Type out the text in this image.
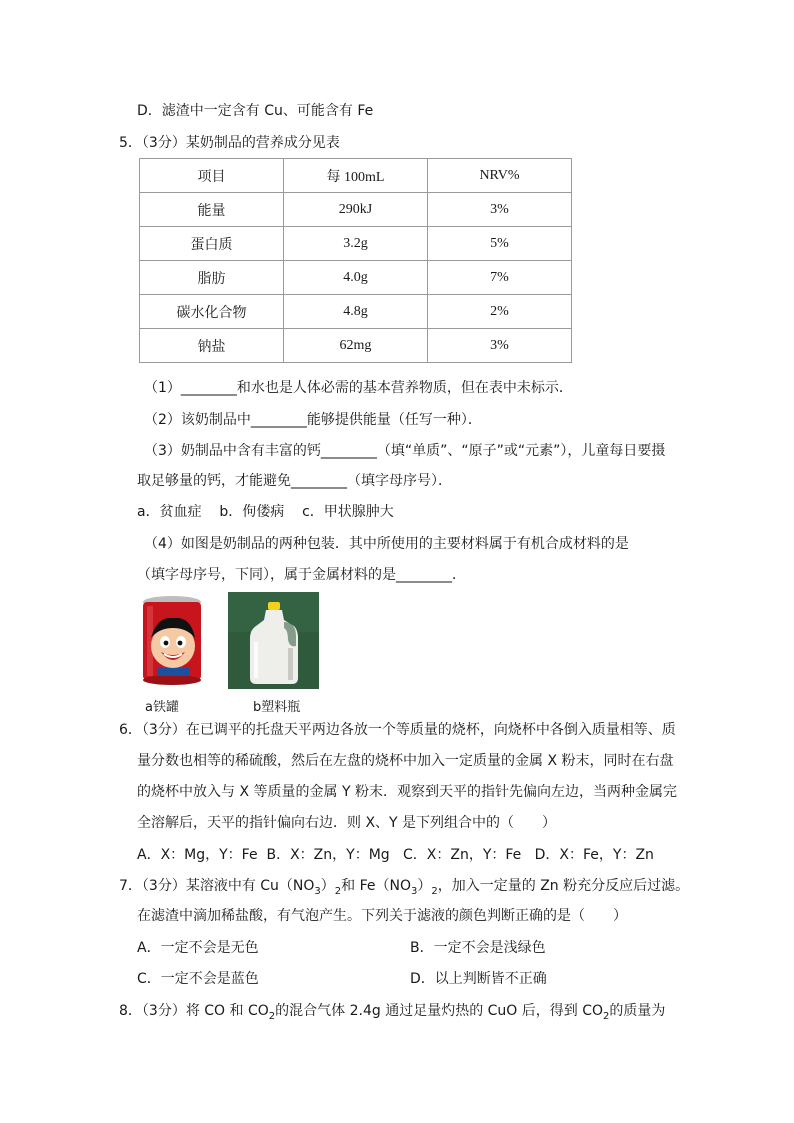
D．滤渣中一定含有 Cu、可能含有 Fe
5．（3分）某奶制品的营养成分见表
项目	每 100mL	NRV%
能量	290kJ	3%
蛋白质	3.2g	5%
脂肪	4.0g	7%
碳水化合物	4.8g	2%
钠盐	62mg	3%
（1）________和水也是人体必需的基本营养物质，但在表中未标示．
（2）该奶制品中________能够提供能量（任写一种）．
（3）奶制品中含有丰富的钙________（填“单质”、“原子”或“元素”），儿童每日要摄
取足够量的钙，才能避免________（填字母序号）．
a．贫血症    b．佝偻病    c．甲状腺肿大
（4）如图是奶制品的两种包装．其中所使用的主要材料属于有机合成材料的是
（填字母序号，下同），属于金属材料的是________．
a铁罐	b塑料瓶
6．（3分）在已调平的托盘天平两边各放一个等质量的烧杯，向烧杯中各倒入质量相等、质
量分数也相等的稀硫酸，然后在左盘的烧杯中加入一定质量的金属 X 粉末，同时在右盘
的烧杯中放入与 X 等质量的金属 Y 粉末．观察到天平的指针先偏向左边，当两种金属完
全溶解后，天平的指针偏向右边．则 X、Y 是下列组合中的（　　）
A．X：Mg，Y：Fe  B．X：Zn，Y：Mg   C．X：Zn，Y：Fe   D．X：Fe，Y：Zn
7．（3分）某溶液中有 $Cu(NO_3)_2$和 $Fe(NO_3)_2$，加入一定量的 Zn 粉充分反应后过滤。
在滤渣中滴加稀盐酸，有气泡产生。下列关于滤液的颜色判断正确的是（　　）
A．一定不会是无色	B．一定不会是浅绿色
C．一定不会是蓝色	D．以上判断皆不正确
8．（3分）将 CO 和 $CO_2$的混合气体 2.4g 通过足量灼热的 CuO 后，得到 $CO_2$的质量为
